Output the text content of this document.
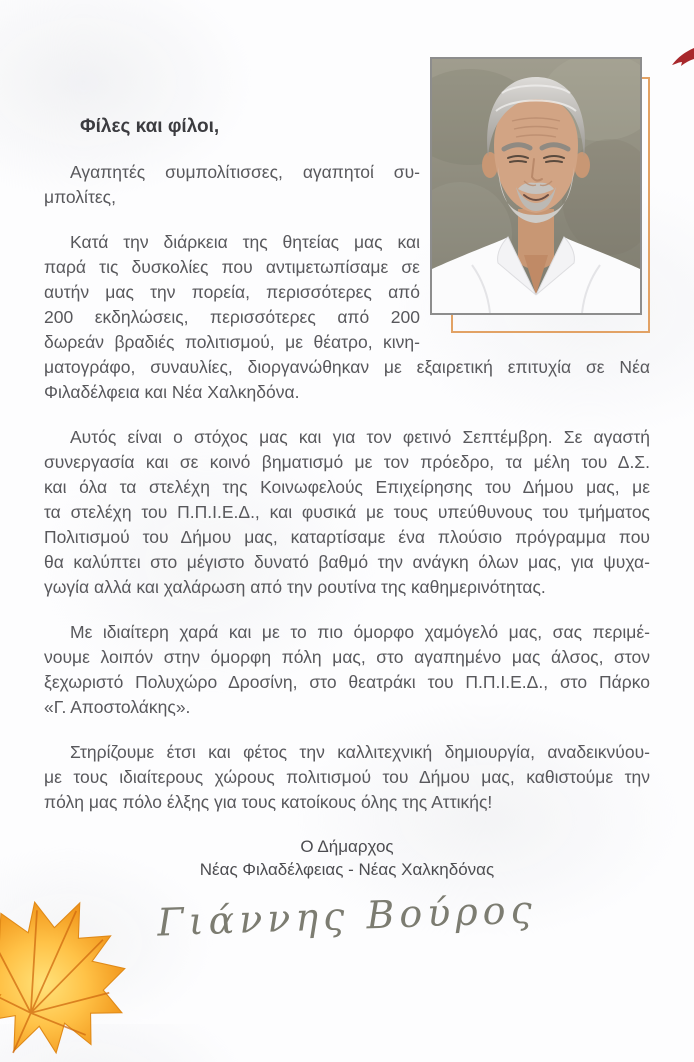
Φίλες και φίλοι,
Αγαπητές συμπολίτισσες, αγαπητοί συ-
μπολίτες,
Κατά την διάρκεια της θητείας μας και
παρά τις δυσκολίες που αντιμετωπίσαμε σε
αυτήν μας την πορεία, περισσότερες από
200 εκδηλώσεις, περισσότερες από 200
δωρεάν βραδιές πολιτισμού, με θέατρο, κινη-
ματογράφο, συναυλίες, διοργανώθηκαν με εξαιρετική επιτυχία σε Νέα
Φιλαδέλφεια και Νέα Χαλκηδόνα.
Αυτός είναι ο στόχος μας και για τον φετινό Σεπτέμβρη. Σε αγαστή
συνεργασία και σε κοινό βηματισμό με τον πρόεδρο, τα μέλη του Δ.Σ.
και όλα τα στελέχη της Κοινωφελούς Επιχείρησης του Δήμου μας, με
τα στελέχη του Π.Π.Ι.Ε.Δ., και φυσικά με τους υπεύθυνους του τμήματος
Πολιτισμού του Δήμου μας, καταρτίσαμε ένα πλούσιο πρόγραμμα που
θα καλύπτει στο μέγιστο δυνατό βαθμό την ανάγκη όλων μας, για ψυχα-
γωγία αλλά και χαλάρωση από την ρουτίνα της καθημερινότητας.
Με ιδιαίτερη χαρά και με το πιο όμορφο χαμόγελό μας, σας περιμέ-
νουμε λοιπόν στην όμορφη πόλη μας, στο αγαπημένο μας άλσος, στον
ξεχωριστό Πολυχώρο Δροσίνη, στο θεατράκι του Π.Π.Ι.Ε.Δ., στο Πάρκο
«Γ. Αποστολάκης».
Στηρίζουμε έτσι και φέτος την καλλιτεχνική δημιουργία, αναδεικνύου-
με τους ιδιαίτερους χώρους πολιτισμού του Δήμου μας, καθιστούμε την
πόλη μας πόλο έλξης για τους κατοίκους όλης της Αττικής!
Ο Δήμαρχος
Νέας Φιλαδέλφειας - Νέας Χαλκηδόνας
Γιάννης Βούρος
